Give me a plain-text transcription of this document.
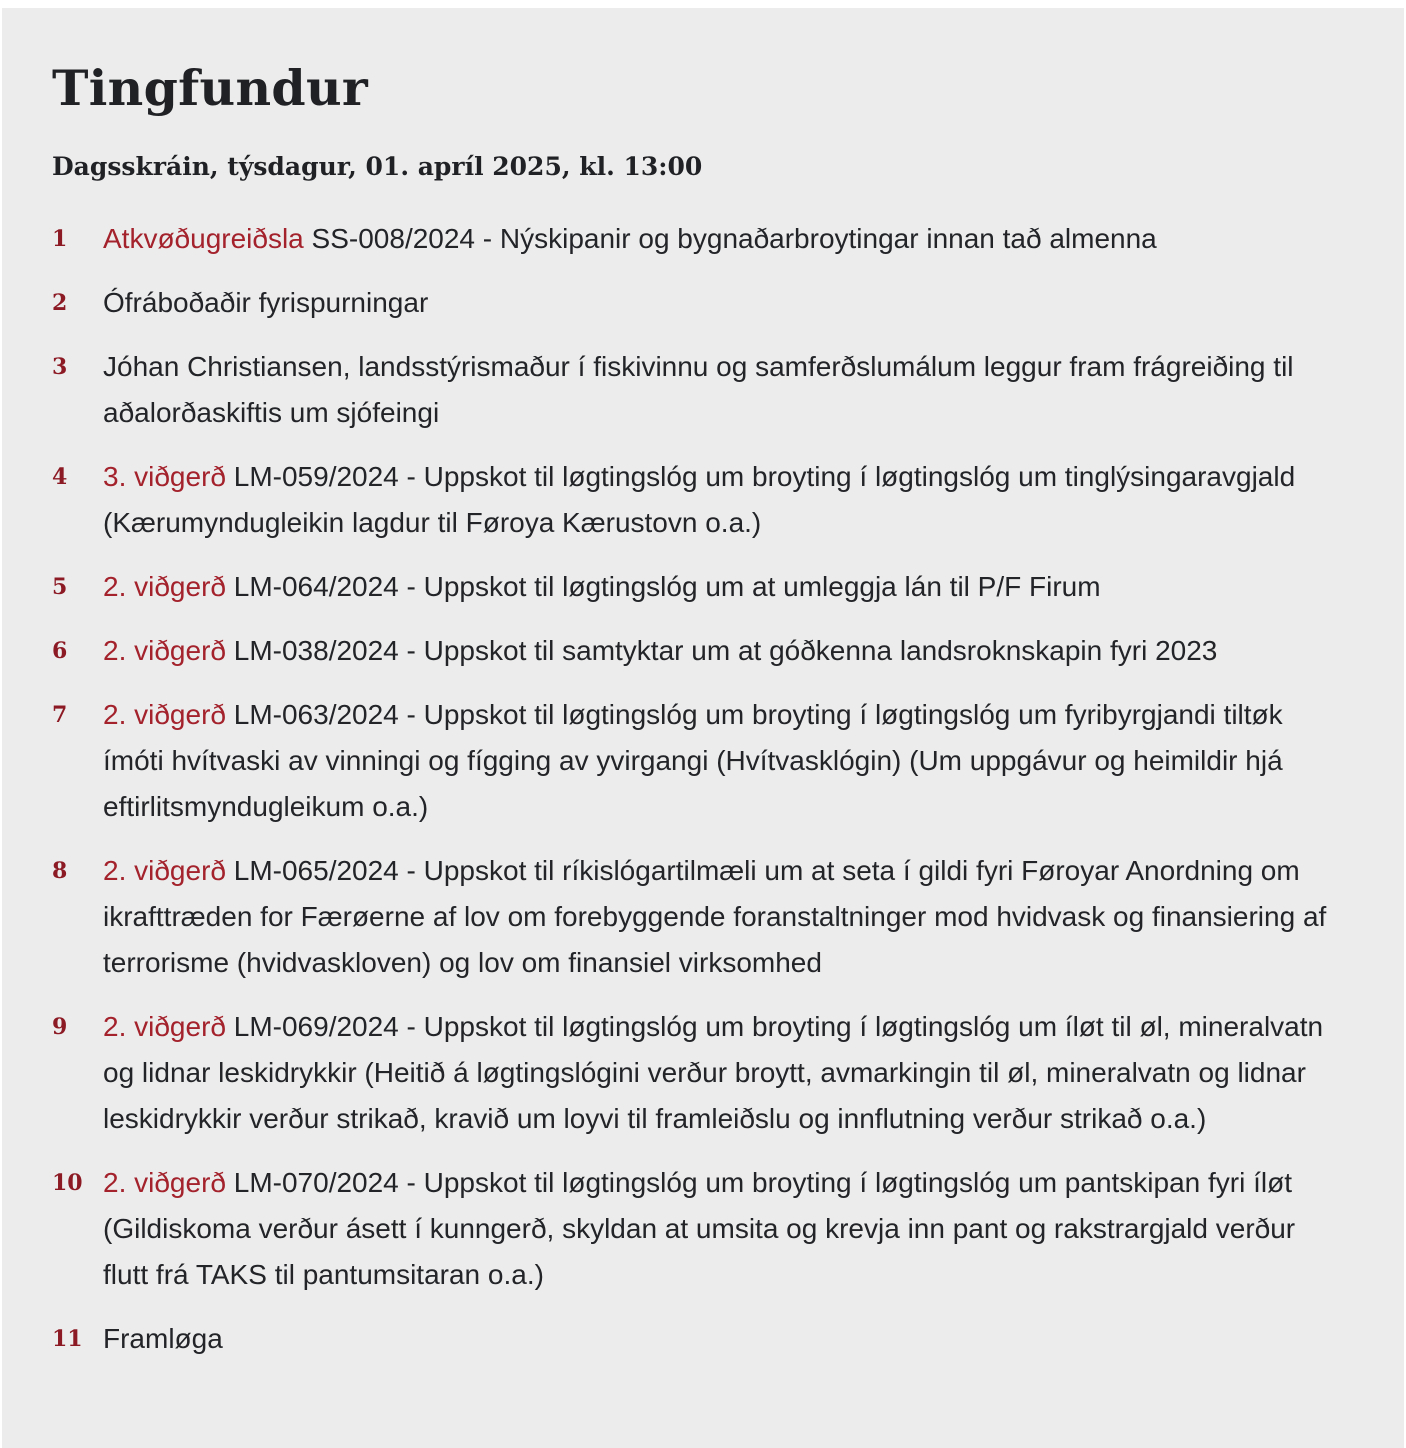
Tingfundur
Dagsskráin, týsdagur, 01. apríl 2025, kl. 13:00
1	Atkvøðugreiðsla SS-008/2024 - Nýskipanir og bygnaðarbroytingar innan tað almenna
2	Ófráboðaðir fyrispurningar
3	Jóhan Christiansen, landsstýrismaður í fiskivinnu og samferðslumálum leggur fram frágreiðing til aðalorðaskiftis um sjófeingi
4	3. viðgerð LM-059/2024 - Uppskot til løgtingslóg um broyting í løgtingslóg um tinglýsingaravgjald (Kærumyndugleikin lagdur til Føroya Kærustovn o.a.)
5	2. viðgerð LM-064/2024 - Uppskot til løgtingslóg um at umleggja lán til P/F Firum
6	2. viðgerð LM-038/2024 - Uppskot til samtyktar um at góðkenna landsroknskapin fyri 2023
7	2. viðgerð LM-063/2024 - Uppskot til løgtingslóg um broyting í løgtingslóg um fyribyrgjandi tiltøk ímóti hvítvaski av vinningi og fígging av yvirgangi (Hvítvasklógin) (Um uppgávur og heimildir hjá eftirlitsmyndugleikum o.a.)
8	2. viðgerð LM-065/2024 - Uppskot til ríkislógartilmæli um at seta í gildi fyri Føroyar Anordning om ikrafttræden for Færøerne af lov om forebyggende foranstaltninger mod hvidvask og finansiering af terrorisme (hvidvaskloven) og lov om finansiel virksomhed
9	2. viðgerð LM-069/2024 - Uppskot til løgtingslóg um broyting í løgtingslóg um íløt til øl, mineralvatn og lidnar leskidrykkir (Heitið á løgtingslógini verður broytt, avmarkingin til øl, mineralvatn og lidnar leskidrykkir verður strikað, kravið um loyvi til framleiðslu og innflutning verður strikað o.a.)
10 2. viðgerð LM-070/2024 - Uppskot til løgtingslóg um broyting í løgtingslóg um pantskipan fyri íløt (Gildiskoma verður ásett í kunngerð, skyldan at umsita og krevja inn pant og rakstrargjald verður flutt frá TAKS til pantumsitaran o.a.)
11 Framløga
